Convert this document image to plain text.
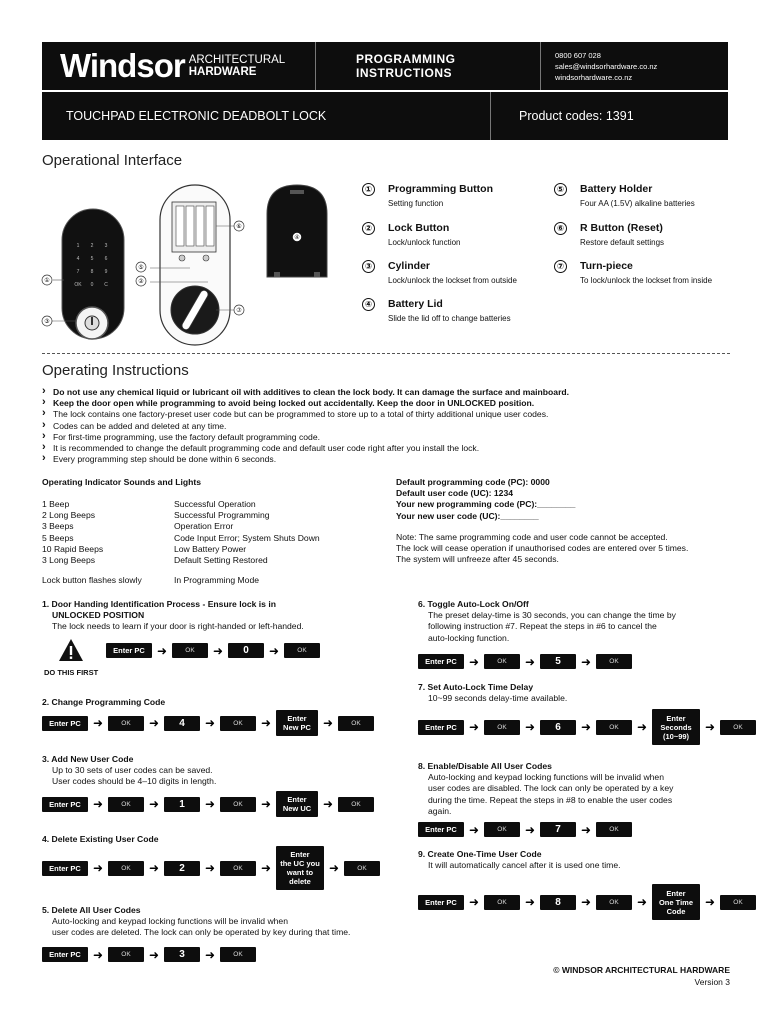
Windsor ARCHITECTURAL
HARDWARE
PROGRAMMING
INSTRUCTIONS
0800 607 028
sales@windsorhardware.co.nz
windsorhardware.co.nz
TOUCHPAD ELECTRONIC DEADBOLT LOCK	Product codes: 1391
Operational Interface
1 2 3
4 5 6
7 8 9
OK 0 C
①
③
⑥
⑦
⑤
②
④
① Programming Button
Setting function
② Lock Button
Lock/unlock function
③ Cylinder
Lock/unlock the lockset from outside
④ Battery Lid
Slide the lid off to change batteries
⑤ Battery Holder
Four AA (1.5V) alkaline batteries
⑥ R Button (Reset)
Restore default settings
⑦ Turn-piece
To lock/unlock the lockset from inside
Operating Instructions
› Do not use any chemical liquid or lubricant oil with additives to clean the lock body. It can damage the surface and mainboard.
› Keep the door open while programming to avoid being locked out accidentally. Keep the door in UNLOCKED position.
› The lock contains one factory-preset user code but can be programmed to store up to a total of thirty additional unique user codes.
› Codes can be added and deleted at any time.
› For first-time programming, use the factory default programming code.
› It is recommended to change the default programming code and default user code right after you install the lock.
› Every programming step should be done within 6 seconds.
Operating Indicator Sounds and Lights
1 Beep	Successful Operation
2 Long Beeps	Successful Programming
3 Beeps	Operation Error
5 Beeps	Code Input Error; System Shuts Down
10 Rapid Beeps	Low Battery Power
3 Long Beeps	Default Setting Restored
Lock button flashes slowly	In Programming Mode
Default programming code (PC): 0000
Default user code (UC): 1234
Your new programming code (PC):________
Your new user code (UC):________
Note: The same programming code and user code cannot be accepted.
The lock will cease operation if unauthorised codes are entered over 5 times.
The system will unfreeze after 45 seconds.
1. Door Handing Identification Process - Ensure lock is in
UNLOCKED POSITION
The lock needs to learn if your door is right-handed or left-handed.
DO THIS FIRST
Enter PC	➜	OK	➜	0	➜	OK
2. Change Programming Code
Enter PC	➜	OK	➜	4	➜	OK	➜	Enter
New PC	➜	OK
3. Add New User Code
Up to 30 sets of user codes can be saved.
User codes should be 4–10 digits in length.
Enter PC	➜	OK	➜	1	➜	OK	➜	Enter
New UC ➜	OK
4. Delete Existing User Code
Enter PC	➜	OK	➜	2	➜	OK	➜
Enter
the UC you
want to
delete
➜	OK
5. Delete All User Codes
Auto-locking and keypad locking functions will be invalid when
user codes are deleted. The lock can only be operated by key during that time.
Enter PC	➜	OK	➜	3	➜	OK
6. Toggle Auto-Lock On/Off
The preset delay-time is 30 seconds, you can change the time by
following instruction #7. Repeat the steps in #6 to cancel the
auto-locking function.
Enter PC	➜	OK	➜	5	➜	OK
7. Set Auto-Lock Time Delay
10~99 seconds delay-time available.
Enter PC	➜	OK	➜	6	➜	OK	➜
Enter
Seconds
(10~99)
➜	OK
8. Enable/Disable All User Codes
Auto-locking and keypad locking functions will be invalid when
user codes are disabled. The lock can only be operated by a key
during the time. Repeat the steps in #8 to enable the user codes
again.
Enter PC	➜	OK	➜	7	➜	OK
9. Create One-Time User Code
It will automatically cancel after it is used one time.
Enter PC	➜	OK	➜	8	➜	OK	➜
Enter
One Time
Code
➜	OK
© WINDSOR ARCHITECTURAL HARDWARE
Version 3
